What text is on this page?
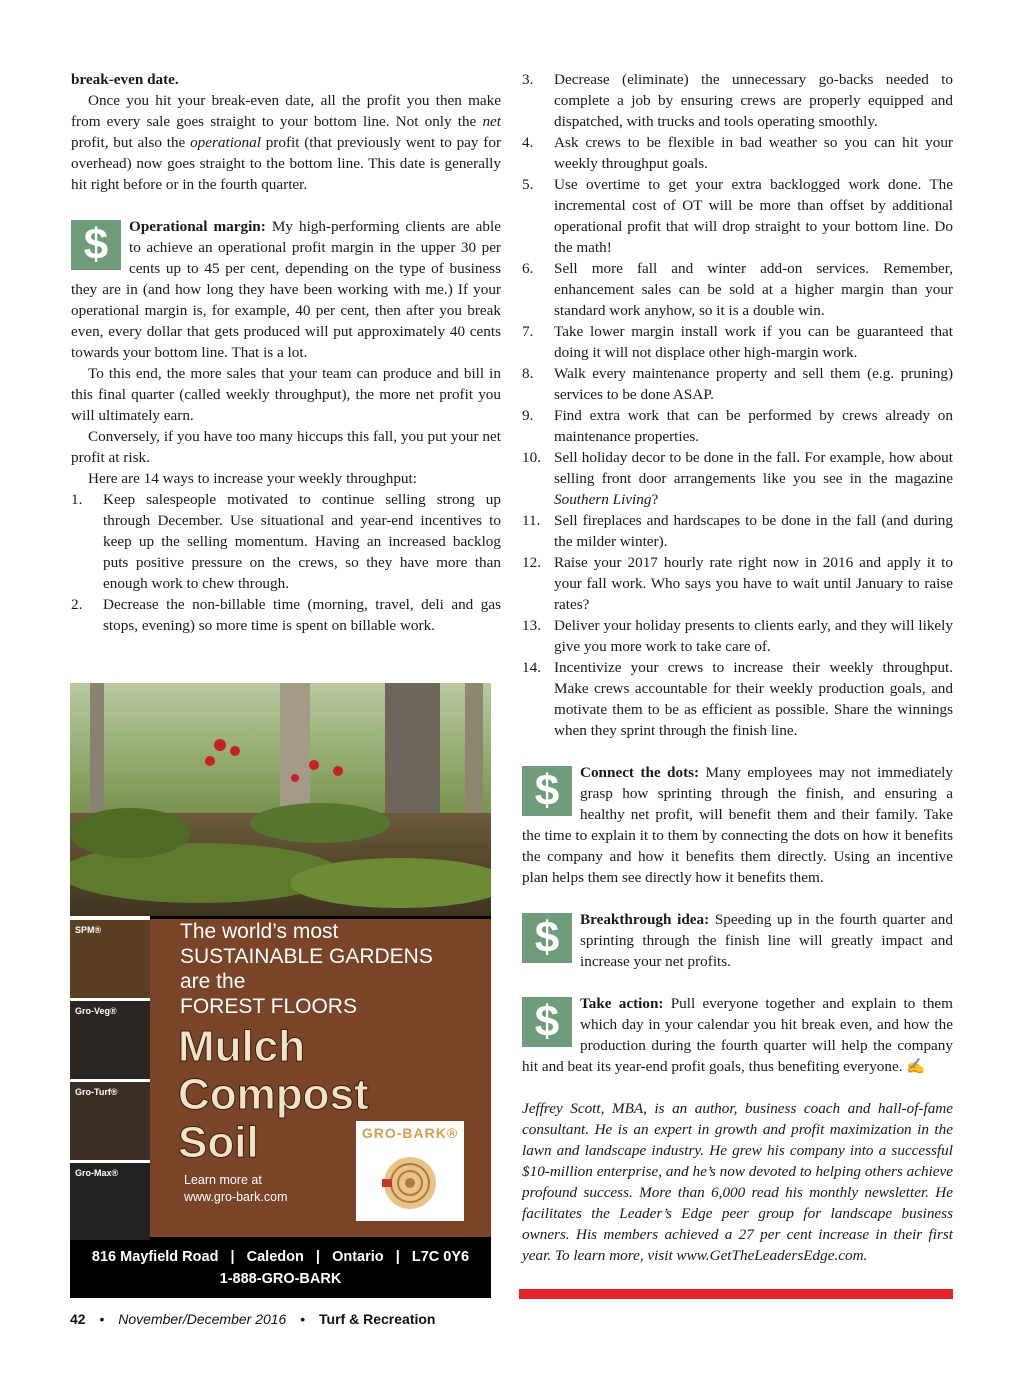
break-even date.

Once you hit your break-even date, all the profit you then make from every sale goes straight to your bottom line. Not only the net profit, but also the operational profit (that previously went to pay for overhead) now goes straight to the bottom line. This date is generally hit right before or in the fourth quarter.

$	Operational margin: My high-performing clients are able to achieve an operational profit margin in the upper 30 per cents up to 45 per cent, depending on the type of business they are in (and how long they have been working with me.) If your operational margin is, for example, 40 per cent, then after you break even, every dollar that gets produced will put approximately 40 cents towards your bottom line. That is a lot.

To this end, the more sales that your team can produce and bill in this final quarter (called weekly throughput), the more net profit you will ultimately earn.

Conversely, if you have too many hiccups this fall, you put your net profit at risk.

Here are 14 ways to increase your weekly throughput:

1.	Keep salespeople motivated to continue selling strong up through December. Use situational and year-end incentives to keep up the selling momentum. Having an increased backlog puts positive pressure on the crews, so they have more than enough work to chew through.
2.	Decrease the non-billable time (morning, travel, deli and gas stops, evening) so more time is spent on billable work.
3.	Decrease (eliminate) the unnecessary go-backs needed to complete a job by ensuring crews are properly equipped and dispatched, with trucks and tools operating smoothly.
4.	Ask crews to be flexible in bad weather so you can hit your weekly throughput goals.
5.	Use overtime to get your extra backlogged work done. The incremental cost of OT will be more than offset by additional operational profit that will drop straight to your bottom line. Do the math!
6.	Sell more fall and winter add-on services. Remember, enhancement sales can be sold at a higher margin than your standard work anyhow, so it is a double win.
7.	Take lower margin install work if you can be guaranteed that doing it will not displace other high-margin work.
8.	Walk every maintenance property and sell them (e.g. pruning) services to be done ASAP.
9.	Find extra work that can be performed by crews already on maintenance properties.
10. Sell holiday decor to be done in the fall. For example, how about selling front door arrangements like you see in the magazine Southern Living?
11. Sell fireplaces and hardscapes to be done in the fall (and during the milder winter).
12. Raise your 2017 hourly rate right now in 2016 and apply it to your fall work. Who says you have to wait until January to raise rates?
13. Deliver your holiday presents to clients early, and they will likely give you more work to take care of.
14. Incentivize your crews to increase their weekly throughput. Make crews accountable for their weekly production goals, and motivate them to be as efficient as possible. Share the winnings when they sprint through the finish line.
$	Connect the dots: Many employees may not immediately grasp how sprinting through the finish, and ensuring a healthy net profit, will benefit them and their family. Take the time to explain it to them by connecting the dots on how it benefits the company and how it benefits them directly. Using an incentive plan helps them see directly how it benefits them.

$	Breakthrough idea: Speeding up in the fourth quarter and sprinting through the finish line will greatly impact and increase your net profits.

$	Take action: Pull everyone together and explain to them which day in your calendar you hit break even, and how the production during the fourth quarter will help the company hit and beat its year-end profit goals, thus benefiting everyone. ✍

Jeffrey Scott, MBA, is an author, business coach and hall-of-fame consultant. He is an expert in growth and profit maximization in the lawn and landscape industry. He grew his company into a successful $10-million enterprise, and he’s now devoted to helping others achieve profound success. More than 6,000 read his monthly newsletter. He facilitates the Leader’s Edge peer group for landscape business owners. His members achieved a 27 per cent increase in their first year. To learn more, visit www.GetTheLeadersEdge.com.

SPM®
Gro-Veg®
Gro-Turf®
Gro-Max®
The world’s most
SUSTAINABLE GARDENS
are the
FOREST FLOORS
Mulch
Compost
Soil	GRO-BARK®
Learn more at
www.gro-bark.com
816 Mayfield Road   |   Caledon   |   Ontario   |   L7C 0Y6
1-888-GRO-BARK
42 • November/December 2016 • Turf & Recreation
